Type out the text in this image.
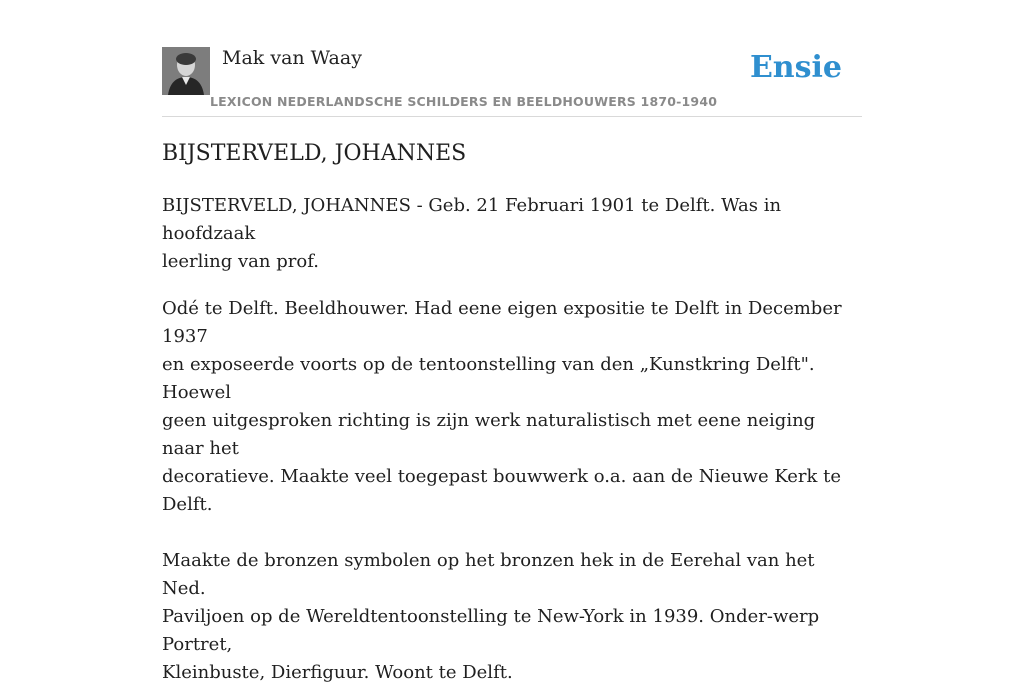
Mak van Waay
LEXICON NEDERLANDSCHE SCHILDERS EN BEELDHOUWERS 1870-1940
Ensie
BIJSTERVELD, JOHANNES

BIJSTERVELD, JOHANNES - Geb. 21 Februari 1901 te Delft. Was in hoofdzaak
leerling van prof.

Odé te Delft. Beeldhouwer. Had eene eigen expositie te Delft in December 1937
en exposeerde voorts op de tentoonstelling van den „Kunstkring Delft". Hoewel
geen uitgesproken richting is zijn werk naturalistisch met eene neiging naar het
decoratieve. Maakte veel toegepast bouwwerk o.a. aan de Nieuwe Kerk te Delft.

Maakte de bronzen symbolen op het bronzen hek in de Eerehal van het Ned.
Paviljoen op de Wereldtentoonstelling te New-York in 1939. Onder-werp Portret,
Kleinbuste, Dierfiguur. Woont te Delft.
